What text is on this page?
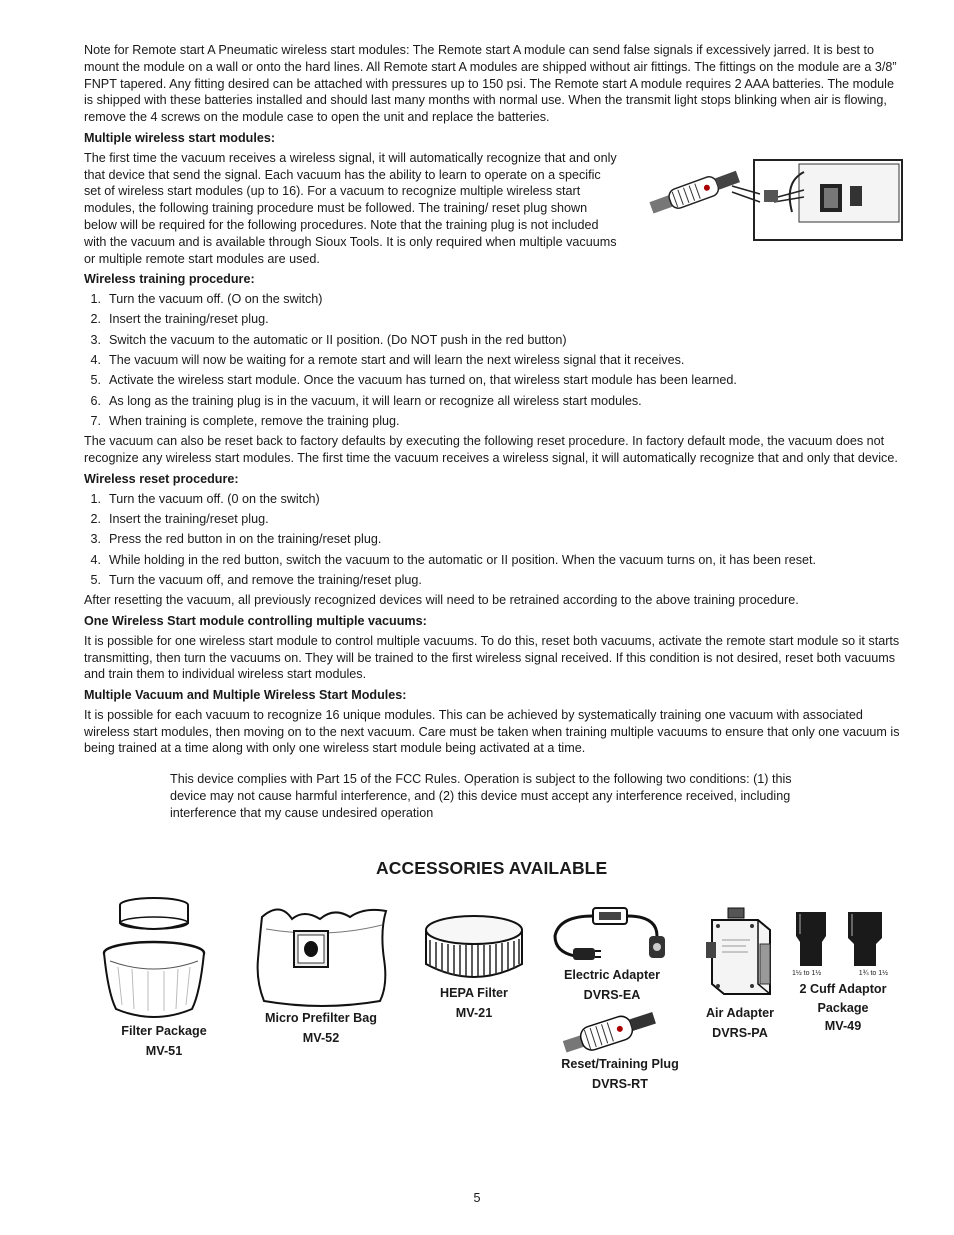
Note for Remote start A Pneumatic wireless start modules: The Remote start A module can send false signals if excessively jarred. It is best to mount the module on a wall or onto the hard lines. All Remote start A modules are shipped without air fittings. The fittings on the module are a 3/8” FNPT tapered. Any fitting desired can be attached with pressures up to 150 psi. The Remote start A module requires 2 AAA batteries. The module is shipped with these batteries installed and should last many months with normal use. When the transmit light stops blinking when air is flowing, remove the 4 screws on the module case to open the unit and replace the batteries.

Multiple wireless start modules:

The first time the vacuum receives a wireless signal, it will automatically recognize that and only that device that send the signal. Each vacuum has the ability to learn to operate on a specific set of wireless start modules (up to 16). For a vacuum to recognize multiple wireless start modules, the following training procedure must be followed. The training/ reset plug shown below will be required for the following procedures. Note that the training plug is not included with the vacuum and is available through Sioux Tools. It is only required when multiple vacuums or multiple remote start modules are used.

Wireless training procedure:
1. Turn the vacuum off. (O on the switch)
2. Insert the training/reset plug.
3. Switch the vacuum to the automatic or II position. (Do NOT push in the red button)
4. The vacuum will now be waiting for a remote start and will learn the next wireless signal that it receives.
5. Activate the wireless start module. Once the vacuum has turned on, that wireless start module has been learned.
6. As long as the training plug is in the vacuum, it will learn or recognize all wireless start modules.
7. When training is complete, remove the training plug.

The vacuum can also be reset back to factory defaults by executing the following reset procedure. In factory default mode, the vacuum does not recognize any wireless start modules. The first time the vacuum receives a wireless signal, it will automatically recognize that and only that device.

Wireless reset procedure:
1. Turn the vacuum off. (0 on the switch)
2. Insert the training/reset plug.
3. Press the red button in on the training/reset plug.
4. While holding in the red button, switch the vacuum to the automatic or II position. When the vacuum turns on, it has been reset.
5. Turn the vacuum off, and remove the training/reset plug.

After resetting the vacuum, all previously recognized devices will need to be retrained according to the above training procedure.

One Wireless Start module controlling multiple vacuums:

It is possible for one wireless start module to control multiple vacuums. To do this, reset both vacuums, activate the remote start module so it starts transmitting, then turn the vacuums on. They will be trained to the first wireless signal received. If this condition is not desired, reset both vacuums and train them to individual wireless start modules.

Multiple Vacuum and Multiple Wireless Start Modules:

It is possible for each vacuum to recognize 16 unique modules. This can be achieved by systematically training one vacuum with associated wireless start modules, then moving on to the next vacuum. Care must be taken when training multiple vacuums to ensure that only one vacuum is being trained at a time along with only one wireless start module being activated at a time.

This device complies with Part 15 of the FCC Rules. Operation is subject to the following two conditions: (1) this device may not cause harmful interference, and (2) this device must accept any interference received, including interference that my cause undesired operation

ACCESSORIES AVAILABLE
Filter Package
MV-51
Micro Prefilter Bag
MV-52
HEPA Filter
MV-21
Electric Adapter
DVRS-EA
Reset/Training Plug
DVRS-RT
Air Adapter
DVRS-PA
1½ to 1½	1¾ to 1½
2 Cuff Adaptor Package
MV-49
5
